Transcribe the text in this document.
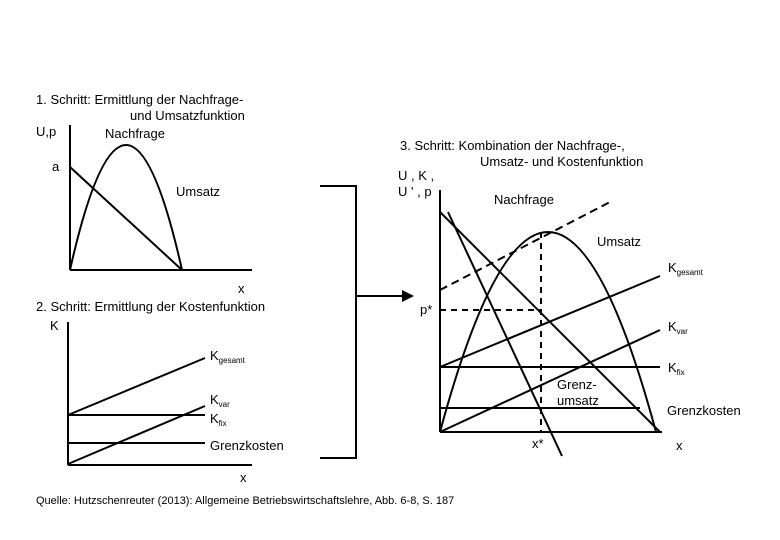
1. Schritt: Ermittlung der Nachfrage-
und Umsatzfunktion
U,p	Nachfrage
a
Umsatz
x
2. Schritt: Ermittlung der Kostenfunktion
K
$K_{gesamt}$
$K_{var}$
$K_{fix}$
Grenzkosten
x
3. Schritt: Kombination der Nachfrage-,
Umsatz- und Kostenfunktion
U , K ,
U ' , p
Nachfrage
Umsatz
$K_{gesamt}$
p*
$K_{var}$
$K_{fix}$
Grenz-
umsatz
Grenzkosten
x*	x
Quelle: Hutzschenreuter (2013): Allgemeine Betriebswirtschaftslehre, Abb. 6-8, S. 187
